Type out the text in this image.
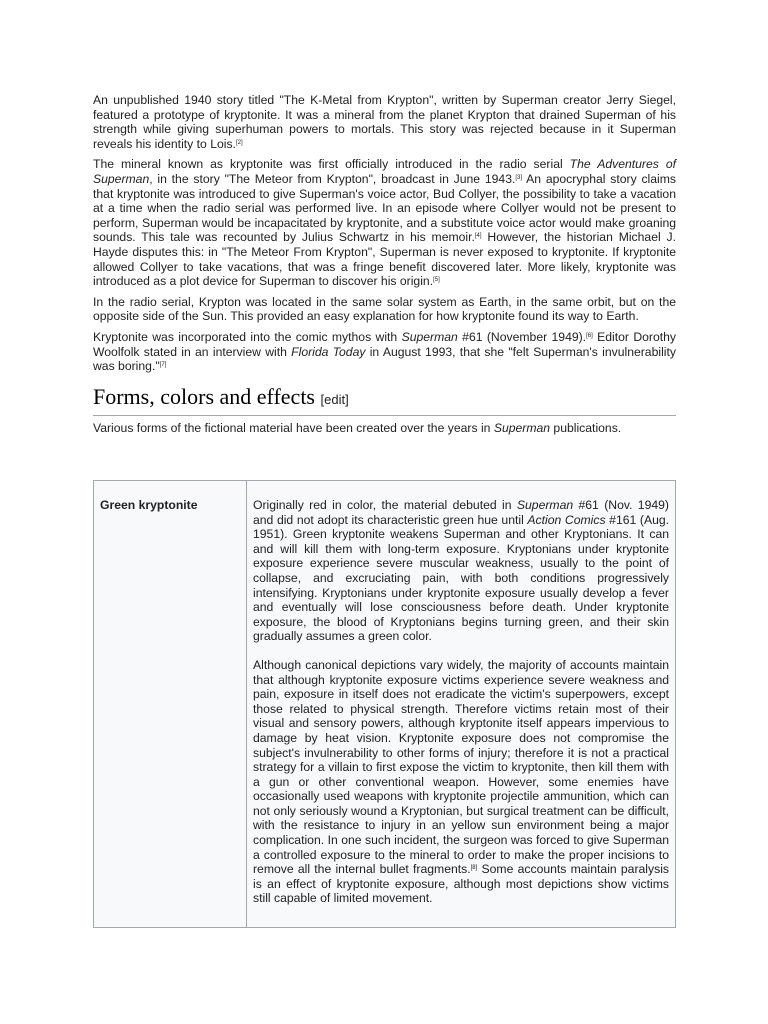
An unpublished 1940 story titled "The K-Metal from Krypton", written by Superman creator Jerry Siegel, featured a prototype of kryptonite. It was a mineral from the planet Krypton that drained Superman of his strength while giving superhuman powers to mortals. This story was rejected because in it Superman reveals his identity to Lois.[2]

The mineral known as kryptonite was first officially introduced in the radio serial The Adventures of Superman, in the story "The Meteor from Krypton", broadcast in June 1943.[3] An apocryphal story claims that kryptonite was introduced to give Superman's voice actor, Bud Collyer, the possibility to take a vacation at a time when the radio serial was performed live. In an episode where Collyer would not be present to perform, Superman would be incapacitated by kryptonite, and a substitute voice actor would make groaning sounds. This tale was recounted by Julius Schwartz in his memoir.[4] However, the historian Michael J. Hayde disputes this: in "The Meteor From Krypton", Superman is never exposed to kryptonite. If kryptonite allowed Collyer to take vacations, that was a fringe benefit discovered later. More likely, kryptonite was introduced as a plot device for Superman to discover his origin.[5]

In the radio serial, Krypton was located in the same solar system as Earth, in the same orbit, but on the opposite side of the Sun. This provided an easy explanation for how kryptonite found its way to Earth.

Kryptonite was incorporated into the comic mythos with Superman #61 (November 1949).[6] Editor Dorothy Woolfolk stated in an interview with Florida Today in August 1993, that she "felt Superman's invulnerability was boring."[7]

Forms, colors and effects [edit]

Various forms of the fictional material have been created over the years in Superman publications.

Green kryptonite	Originally red in color, the material debuted in Superman #61 (Nov. 1949) and did not adopt its characteristic green hue until Action Comics #161 (Aug. 1951). Green kryptonite weakens Superman and other Kryptonians. It can and will kill them with long-term exposure. Kryptonians under kryptonite exposure experience severe muscular weakness, usually to the point of collapse, and excruciating pain, with both conditions progressively intensifying. Kryptonians under kryptonite exposure usually develop a fever and eventually will lose consciousness before death. Under kryptonite exposure, the blood of Kryptonians begins turning green, and their skin gradually assumes a green color.

Although canonical depictions vary widely, the majority of accounts maintain that although kryptonite exposure victims experience severe weakness and pain, exposure in itself does not eradicate the victim's superpowers, except those related to physical strength. Therefore victims retain most of their visual and sensory powers, although kryptonite itself appears impervious to damage by heat vision. Kryptonite exposure does not compromise the subject's invulnerability to other forms of injury; therefore it is not a practical strategy for a villain to first expose the victim to kryptonite, then kill them with a gun or other conventional weapon. However, some enemies have occasionally used weapons with kryptonite projectile ammunition, which can not only seriously wound a Kryptonian, but surgical treatment can be difficult, with the resistance to injury in an yellow sun environment being a major complication. In one such incident, the surgeon was forced to give Superman a controlled exposure to the mineral to order to make the proper incisions to remove all the internal bullet fragments.[8] Some accounts maintain paralysis is an effect of kryptonite exposure, although most depictions show victims still capable of limited movement.
